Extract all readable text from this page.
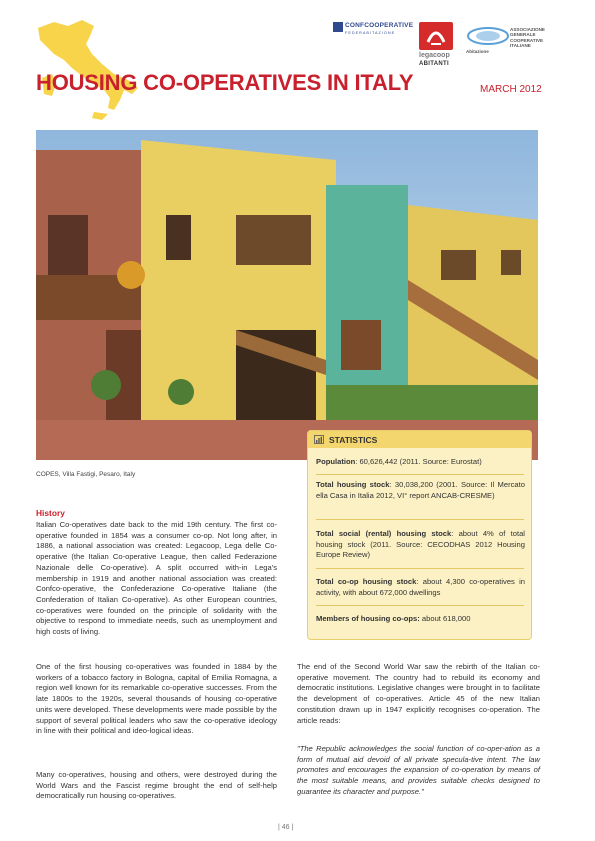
CONFCOOPERATIVE
FEDERABITAZIONE
legacoop
ABITANTI
ASSOCIAZIONE
GENERALE
COOPERATIVE
ITALIANE
Abitazione
HOUSING CO-OPERATIVES IN ITALY	MARCH 2012
COPES, Villa Fastigi, Pesaro, Italy
STATISTICS
Population: 60,626,442 (2011. Source: Eurostat)
Total housing stock: 30,038,200 (2001. Source: Il Mercato ella Casa in Italia 2012, VI° report ANCAB-CRESME)
Total social (rental) housing stock: about 4% of total housing stock (2011. Source: CECODHAS 2012 Housing Europe Review)
Total co-op housing stock: about 4,300 co-operatives in activity, with about 672,000 dwellings
Members of housing co-ops: about 618,000
History
Italian Co-operatives date back to the mid 19th century. The first co-operative founded in 1854 was a consumer co-op. Not long after, in 1886, a national association was created: Legacoop, Lega delle Co-operative (the Italian Co-operative League, then called Federazione Nazionale delle Co-operative). A split occurred with-in Lega's membership in 1919 and another national association was created: Confco-operative, the Confederazione Co-operative Italiane (the Confederation of Italian Co-operative). As other European countries, co-operatives were founded on the principle of solidarity with the objective to respond to immediate needs, such as unemployment and high costs of living.
One of the first housing co-operatives was founded in 1884 by the workers of a tobacco factory in Bologna, capital of Emilia Romagna, a region well known for its remarkable co-operative successes. From the late 1800s to the 1920s, several thousands of housing co-operative units were developed. These developments were made possible by the support of several political leaders who saw the co-operative ideology in line with their political and ideo-logical ideas.
Many co-operatives, housing and others, were destroyed during the World Wars and the Fascist regime brought the end of self-help democratically run housing co-operatives.
The end of the Second World War saw the rebirth of the Italian co-operative movement. The country had to rebuild its economy and democratic institutions. Legislative changes were brought in to facilitate the development of co-operatives. Article 45 of the new Italian constitution drawn up in 1947 explicitly recognises co-operation. The article reads:
"The Republic acknowledges the social function of co-oper-ation as a form of mutual aid devoid of all private specula-tive intent. The law promotes and encourages the expansion of co-operation by means of the most suitable means, and provides suitable checks designed to guarantee its character and purpose."
| 46 |
